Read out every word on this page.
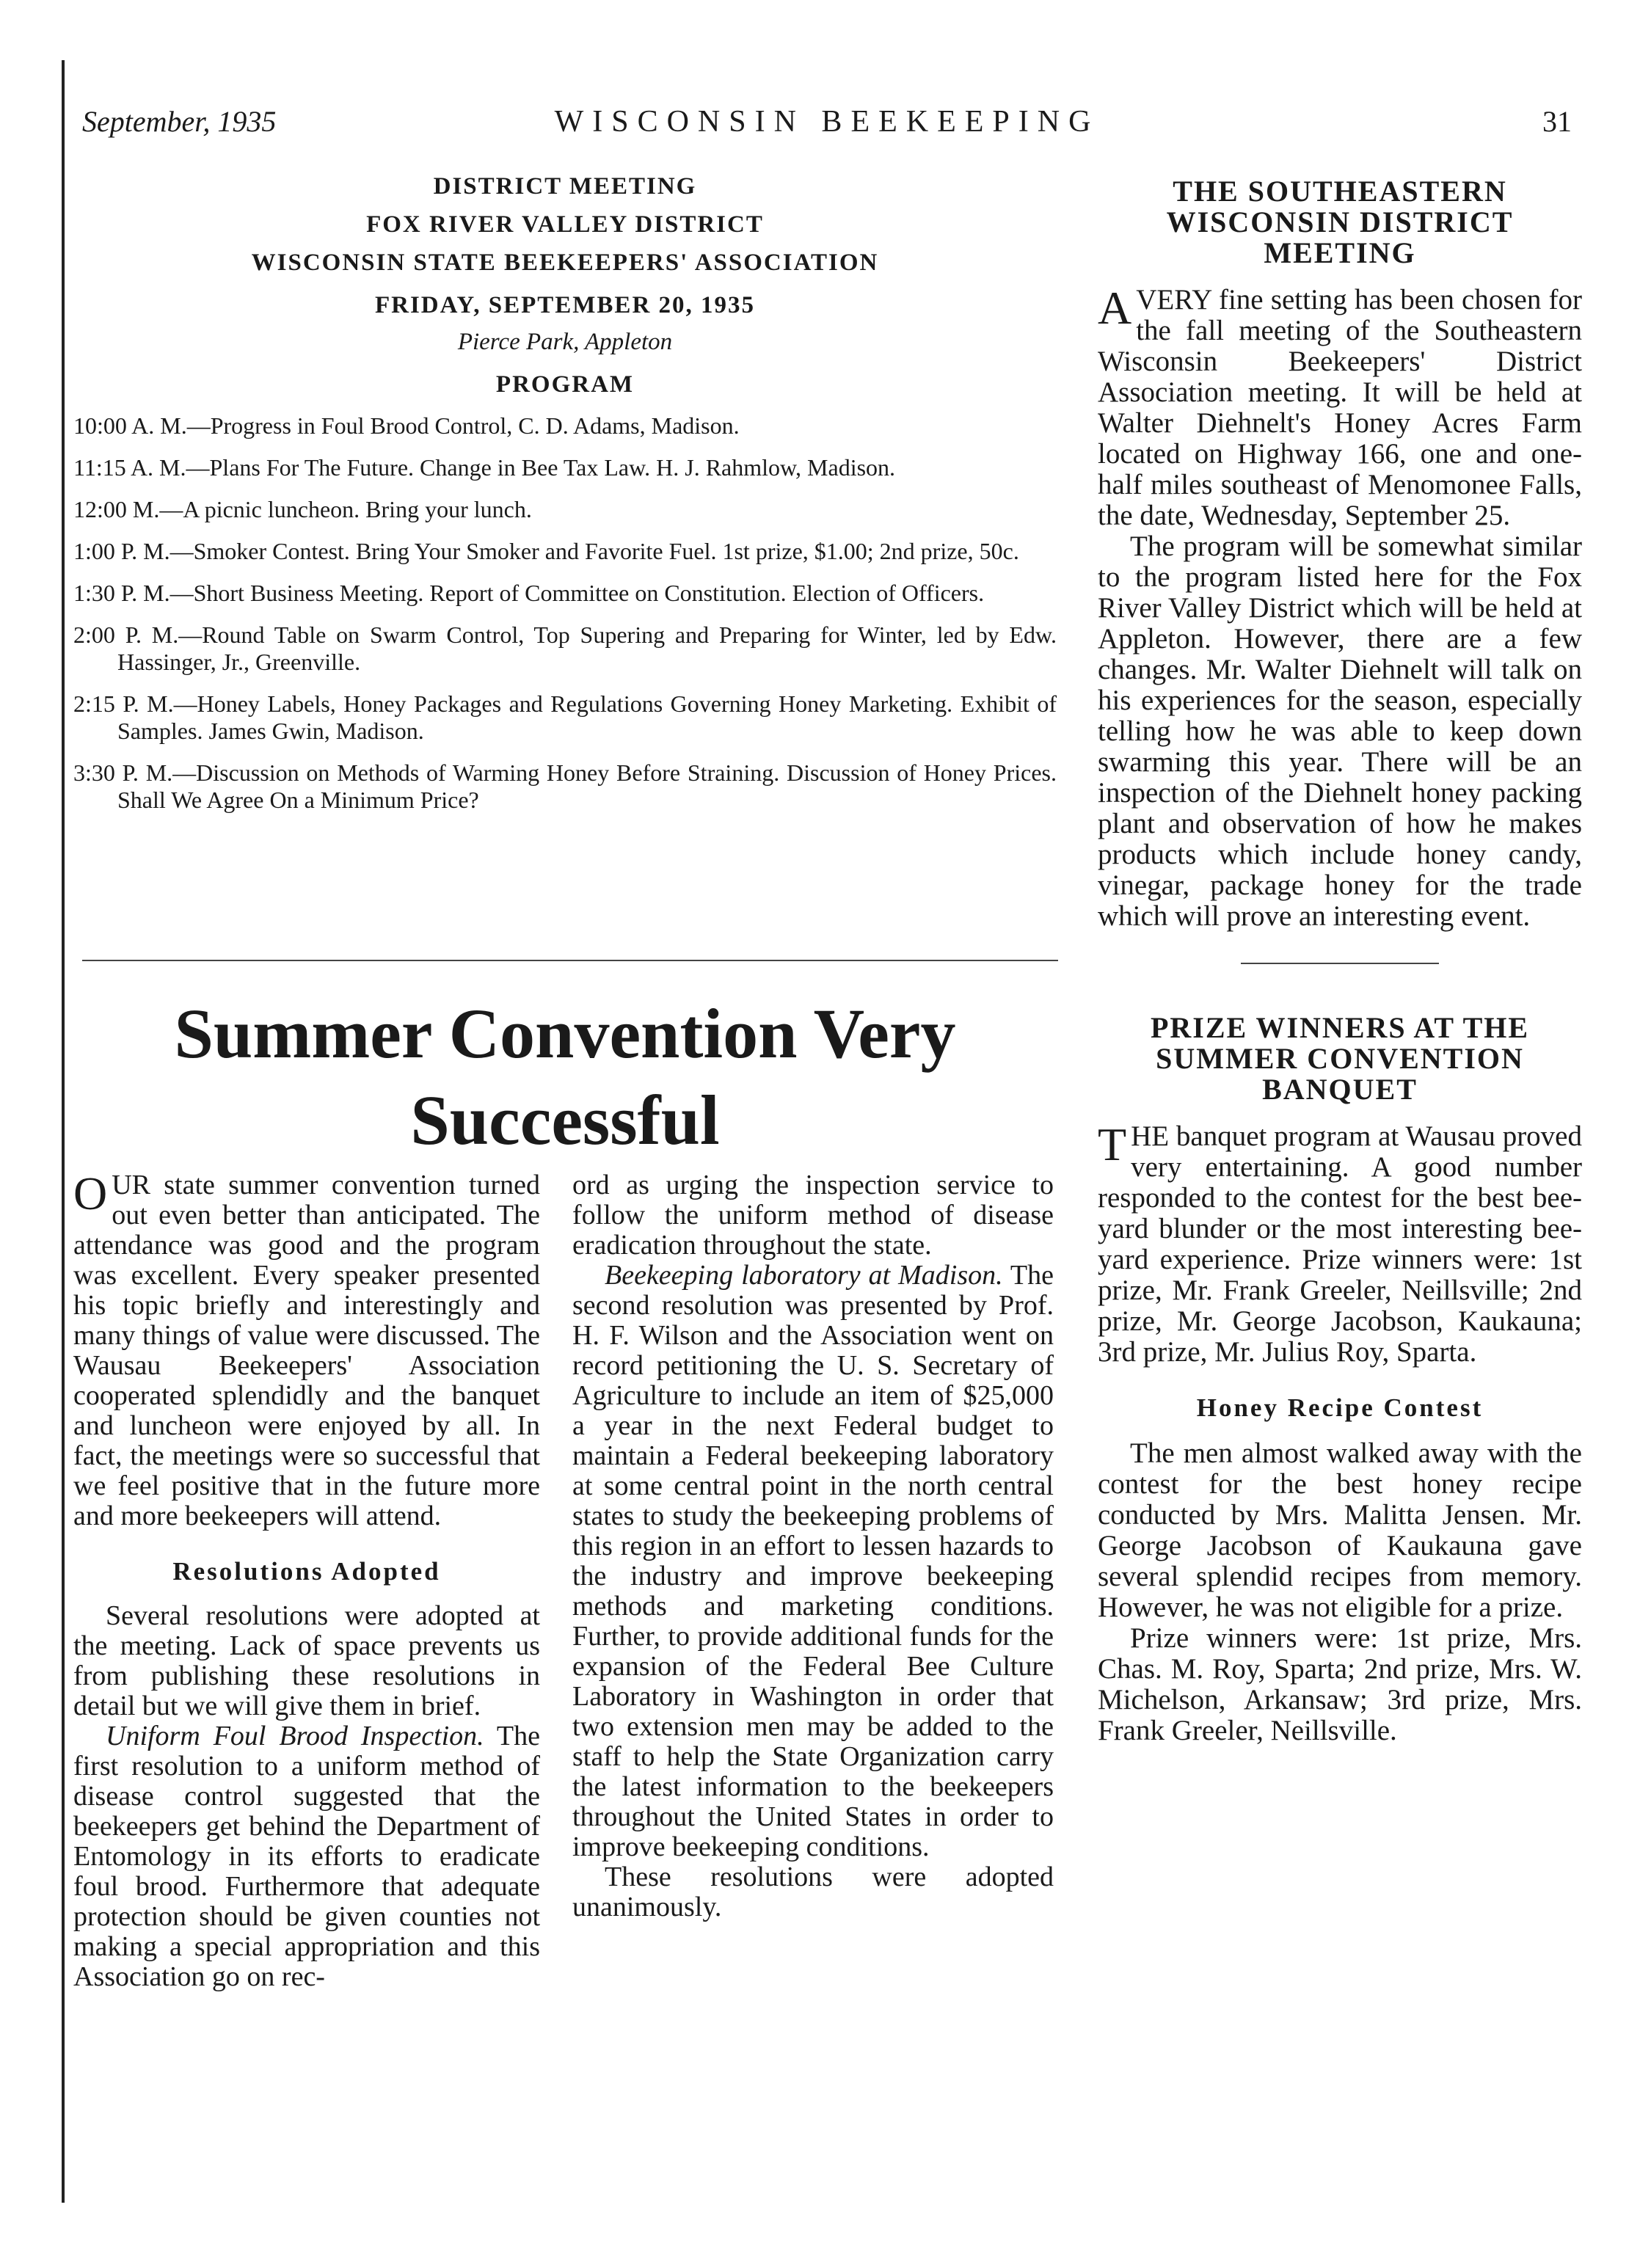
September, 1935	WISCONSIN BEEKEEPING	31
DISTRICT MEETING
FOX RIVER VALLEY DISTRICT
WISCONSIN STATE BEEKEEPERS' ASSOCIATION
FRIDAY, SEPTEMBER 20, 1935
Pierce Park, Appleton
PROGRAM
10:00 A. M.—Progress in Foul Brood Control, C. D. Adams, Madison.
11:15 A. M.—Plans For The Future. Change in Bee Tax Law. H. J. Rahmlow, Madison.
12:00 M.—A picnic luncheon. Bring your lunch.
1:00 P. M.—Smoker Contest. Bring Your Smoker and Favorite Fuel. 1st prize, $1.00; 2nd prize, 50c.
1:30 P. M.—Short Business Meeting. Report of Committee on Constitution. Election of Officers.
2:00 P. M.—Round Table on Swarm Control, Top Supering and Preparing for Winter, led by Edw. Hassinger, Jr., Greenville.
2:15 P. M.—Honey Labels, Honey Packages and Regulations Governing Honey Marketing. Exhibit of Samples. James Gwin, Madison.
3:30 P. M.—Discussion on Methods of Warming Honey Before Straining. Discussion of Honey Prices. Shall We Agree On a Minimum Price?
Summer Convention Very
Successful

OUR state summer convention turned out even better than anticipated. The attendance was good and the program was excellent. Every speaker presented his topic briefly and interestingly and many things of value were discussed. The Wausau Beekeepers' Association cooperated splendidly and the banquet and luncheon were enjoyed by all. In fact, the meetings were so successful that we feel positive that in the future more and more beekeepers will attend.

Resolutions Adopted

Several resolutions were adopted at the meeting. Lack of space prevents us from publishing these resolutions in detail but we will give them in brief.

Uniform Foul Brood Inspection. The first resolution to a uniform method of disease control suggested that the beekeepers get behind the Department of Entomology in its efforts to eradicate foul brood. Furthermore that adequate protection should be given counties not making a special appropriation and this Association go on rec-

ord as urging the inspection service to follow the uniform method of disease eradication throughout the state.

Beekeeping laboratory at Madison. The second resolution was presented by Prof. H. F. Wilson and the Association went on record petitioning the U. S. Secretary of Agriculture to include an item of $25,000 a year in the next Federal budget to maintain a Federal beekeeping laboratory at some central point in the north central states to study the beekeeping problems of this region in an effort to lessen hazards to the industry and improve beekeeping methods and marketing conditions. Further, to provide additional funds for the expansion of the Federal Bee Culture Laboratory in Washington in order that two extension men may be added to the staff to help the State Organization carry the latest information to the beekeepers throughout the United States in order to improve beekeeping conditions.

These resolutions were adopted unanimously.

THE SOUTHEASTERN WISCONSIN DISTRICT MEETING

AVERY fine setting has been chosen for the fall meeting of the Southeastern Wisconsin Beekeepers' District Association meeting. It will be held at Walter Diehnelt's Honey Acres Farm located on Highway 166, one and one-half miles southeast of Menomonee Falls, the date, Wednesday, September 25.

The program will be somewhat similar to the program listed here for the Fox River Valley District which will be held at Appleton. However, there are a few changes. Mr. Walter Diehnelt will talk on his experiences for the season, especially telling how he was able to keep down swarming this year. There will be an inspection of the Diehnelt honey packing plant and observation of how he makes products which include honey candy, vinegar, package honey for the trade which will prove an interesting event.

PRIZE WINNERS AT THE SUMMER CONVENTION BANQUET

THE banquet program at Wausau proved very entertaining. A good number responded to the contest for the best bee-yard blunder or the most interesting bee-yard experience. Prize winners were: 1st prize, Mr. Frank Greeler, Neillsville; 2nd prize, Mr. George Jacobson, Kaukauna; 3rd prize, Mr. Julius Roy, Sparta.

Honey Recipe Contest

The men almost walked away with the contest for the best honey recipe conducted by Mrs. Malitta Jensen. Mr. George Jacobson of Kaukauna gave several splendid recipes from memory. However, he was not eligible for a prize.

Prize winners were: 1st prize, Mrs. Chas. M. Roy, Sparta; 2nd prize, Mrs. W. Michelson, Arkansaw; 3rd prize, Mrs. Frank Greeler, Neillsville.
